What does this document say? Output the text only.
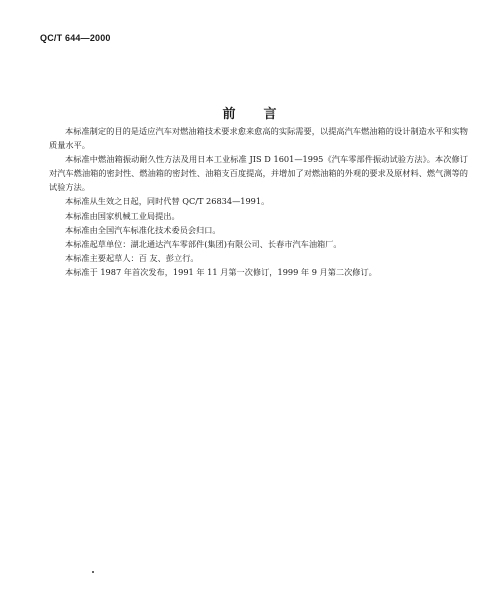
QC/T 644—2000
前言

本标准制定的目的是适应汽车对燃油箱技术要求愈来愈高的实际需要，以提高汽车燃油箱的设计制造水平和实物质量水平。

本标准中燃油箱振动耐久性方法及用日本工业标准 JIS D 1601—1995《汽车零部件振动试验方法》。本次修订对汽车燃油箱的密封性、燃油箱的密封性、油箱支百度提高，并增加了对燃油箱的外观的要求及原材料、燃气测等的试验方法。

本标准从生效之日起，同时代替 QC/T 26834—1991。

本标准由国家机械工业局提出。

本标准由全国汽车标准化技术委员会归口。

本标准起草单位：湖北通达汽车零部件(集团)有限公司、长春市汽车油箱厂。

本标准主要起草人：百 友、彭立行。

本标准于 1987 年首次发布，1991 年 11 月第一次修订，1999 年 9 月第二次修订。
